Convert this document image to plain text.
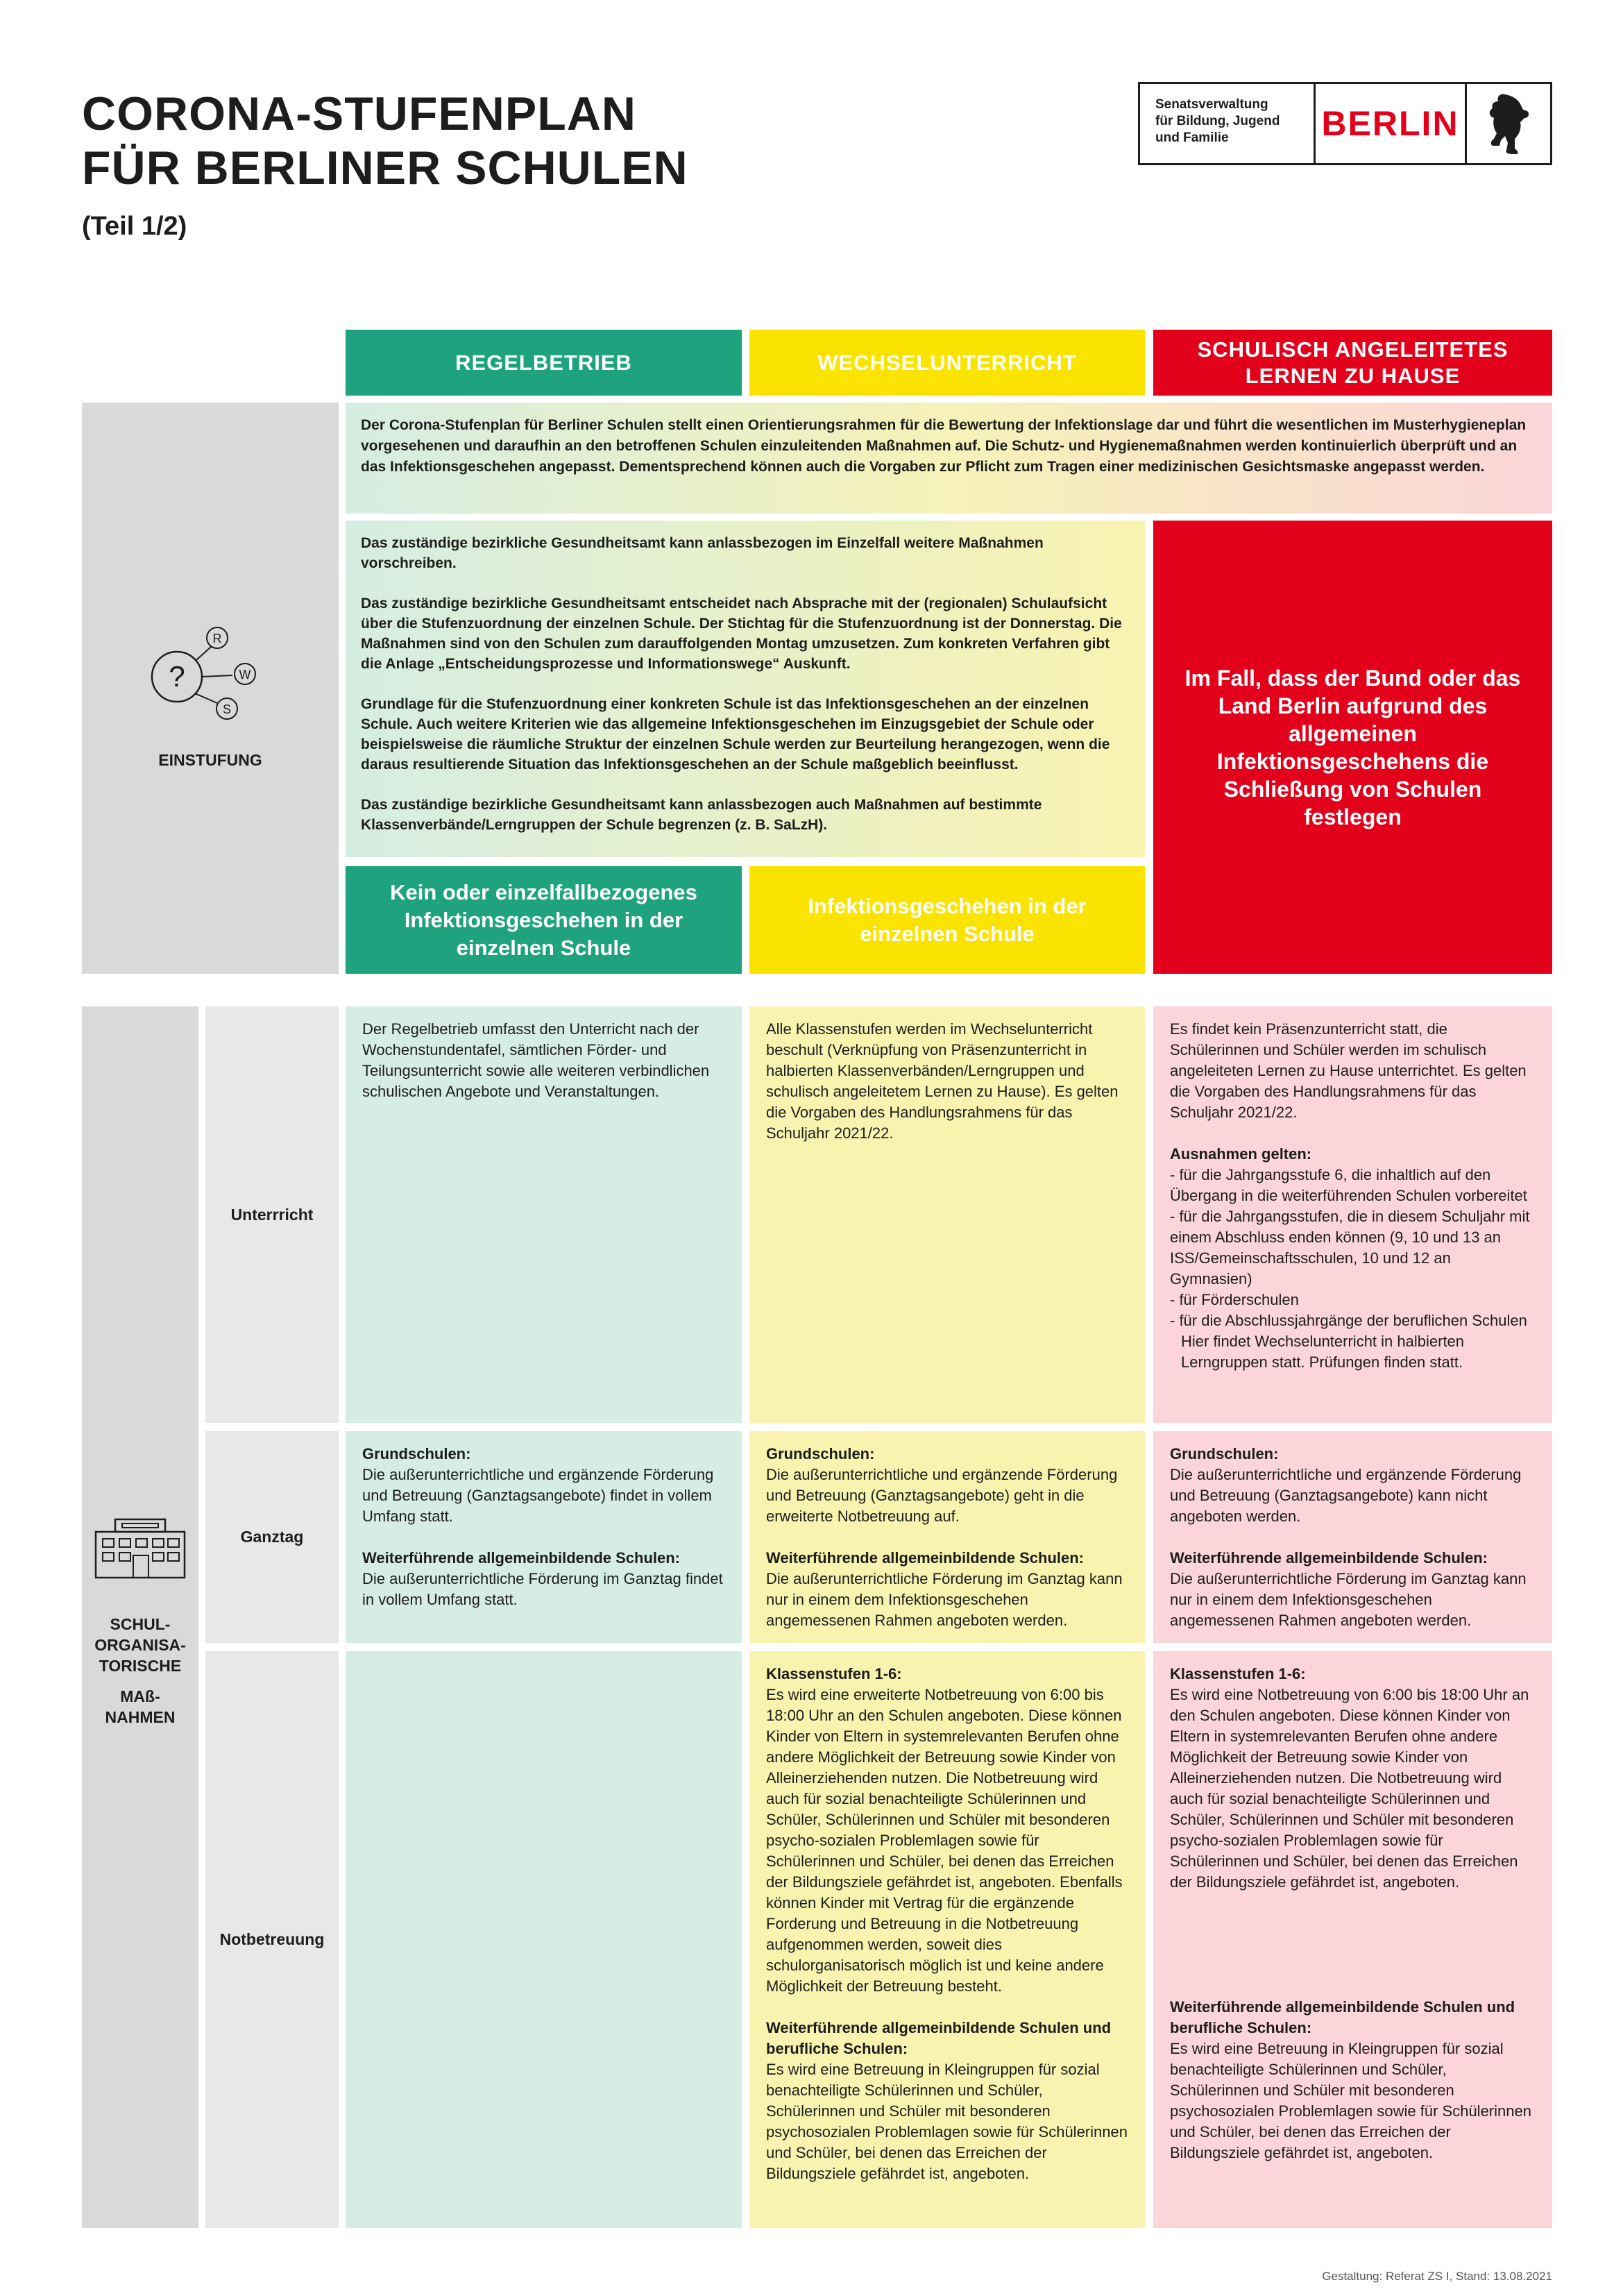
CORONA-STUFENPLAN
FÜR BERLINER SCHULEN
(Teil 1/2)
Senatsverwaltung
für Bildung, Jugend
und Familie	BERLIN
REGELBETRIEB	WECHSELUNTERRICHT
SCHULISCH ANGELEITETES
LERNEN ZU HAUSE
?
R
W
S
EINSTUFUNG
Der Corona-Stufenplan für Berliner Schulen stellt einen Orientierungsrahmen für die Bewertung der Infektionslage dar und führt die wesentlichen im Musterhygieneplan vorgesehenen und daraufhin an den betroffenen Schulen einzuleitenden Maßnahmen auf. Die Schutz- und Hygienemaßnahmen werden kontinuierlich überprüft und an das Infektionsgeschehen angepasst. Dementsprechend können auch die Vorgaben zur Pflicht zum Tragen einer medizinischen Gesichtsmaske angepasst werden.

Das zuständige bezirkliche Gesundheitsamt kann anlassbezogen im Einzelfall weitere Maßnahmen vorschreiben.

Das zuständige bezirkliche Gesundheitsamt entscheidet nach Absprache mit der (regionalen) Schulaufsicht über die Stufenzuordnung der einzelnen Schule. Der Stichtag für die Stufenzuordnung ist der Donnerstag. Die Maßnahmen sind von den Schulen zum darauffolgenden Montag umzusetzen. Zum konkreten Verfahren gibt die Anlage „Entscheidungsprozesse und Informationswege“ Auskunft.

Grundlage für die Stufenzuordnung einer konkreten Schule ist das Infektionsgeschehen an der einzelnen Schule. Auch weitere Kriterien wie das allgemeine Infektionsgeschehen im Einzugsgebiet der Schule oder beispielsweise die räumliche Struktur der einzelnen Schule werden zur Beurteilung herangezogen, wenn die daraus resultierende Situation das Infektionsgeschehen an der Schule maßgeblich beeinflusst.

Das zuständige bezirkliche Gesundheitsamt kann anlassbezogen auch Maßnahmen auf bestimmte Klassenverbände/Lerngruppen der Schule begrenzen (z. B. SaLzH).

Im Fall, dass der Bund oder das Land Berlin aufgrund des allgemeinen Infektionsgeschehens die Schließung von Schulen festlegen
Kein oder einzelfallbezogenes Infektionsgeschehen in der einzelnen Schule
Infektionsgeschehen in der einzelnen Schule
SCHUL-
ORGANISA-
TORISCHE
MAß-
NAHMEN
Unterrricht
Ganztag
Notbetreuung

Der Regelbetrieb umfasst den Unterricht nach der Wochenstundentafel, sämtlichen Förder- und Teilungsunterricht sowie alle weiteren verbindlichen schulischen Angebote und Veranstaltungen.

Alle Klassenstufen werden im Wechselunterricht beschult (Verknüpfung von Präsenzunterricht in halbierten Klassenverbänden/Lerngruppen und schulisch angeleitetem Lernen zu Hause). Es gelten die Vorgaben des Handlungsrahmens für das Schuljahr 2021/22.

Es findet kein Präsenzunterricht statt, die Schülerinnen und Schüler werden im schulisch angeleiteten Lernen zu Hause unterrichtet. Es gelten die Vorgaben des Handlungsrahmens für das Schuljahr 2021/22.

Ausnahmen gelten:
- für die Jahrgangsstufe 6, die inhaltlich auf den Übergang in die weiterführenden Schulen vorbereitet
- für die Jahrgangsstufen, die in diesem Schuljahr mit einem Abschluss enden können (9, 10 und 13 an ISS/Gemeinschaftsschulen, 10 und 12 an Gymnasien)
- für Förderschulen
- für die Abschlussjahrgänge der beruflichen Schulen
Hier findet Wechselunterricht in halbierten Lerngruppen statt. Prüfungen finden statt.

Grundschulen:
Die außerunterrichtliche und ergänzende Förderung und Betreuung (Ganztagsangebote) findet in vollem Umfang statt.

Weiterführende allgemeinbildende Schulen:
Die außerunterrichtliche Förderung im Ganztag findet in vollem Umfang statt.

Grundschulen:
Die außerunterrichtliche und ergänzende Förderung und Betreuung (Ganztagsangebote) geht in die erweiterte Notbetreuung auf.

Weiterführende allgemeinbildende Schulen:
Die außerunterrichtliche Förderung im Ganztag kann nur in einem dem Infektionsgeschehen angemessenen Rahmen angeboten werden.

Grundschulen:
Die außerunterrichtliche und ergänzende Förderung und Betreuung (Ganztagsangebote) kann nicht angeboten werden.

Weiterführende allgemeinbildende Schulen:
Die außerunterrichtliche Förderung im Ganztag kann nur in einem dem Infektionsgeschehen angemessenen Rahmen angeboten werden.

Klassenstufen 1-6:
Es wird eine erweiterte Notbetreuung von 6:00 bis 18:00 Uhr an den Schulen angeboten. Diese können Kinder von Eltern in systemrelevanten Berufen ohne andere Möglichkeit der Betreuung sowie Kinder von Alleinerziehenden nutzen. Die Notbetreuung wird auch für sozial benachteiligte Schülerinnen und Schüler, Schülerinnen und Schüler mit besonderen psycho-sozialen Problemlagen sowie für Schülerinnen und Schüler, bei denen das Erreichen der Bildungsziele gefährdet ist, angeboten. Ebenfalls können Kinder mit Vertrag für die ergänzende Forderung und Betreuung in die Notbetreuung aufgenommen werden, soweit dies schulorganisatorisch möglich ist und keine andere Möglichkeit der Betreuung besteht.

Weiterführende allgemeinbildende Schulen und berufliche Schulen:
Es wird eine Betreuung in Kleingruppen für sozial benachteiligte Schülerinnen und Schüler, Schülerinnen und Schüler mit besonderen psychosozialen Problemlagen sowie für Schülerinnen und Schüler, bei denen das Erreichen der Bildungsziele gefährdet ist, angeboten.

Klassenstufen 1-6:
Es wird eine Notbetreuung von 6:00 bis 18:00 Uhr an den Schulen angeboten. Diese können Kinder von Eltern in systemrelevanten Berufen ohne andere Möglichkeit der Betreuung sowie Kinder von Alleinerziehenden nutzen. Die Notbetreuung wird auch für sozial benachteiligte Schülerinnen und Schüler, Schülerinnen und Schüler mit besonderen psycho-sozialen Problemlagen sowie für Schülerinnen und Schüler, bei denen das Erreichen der Bildungsziele gefährdet ist, angeboten.

Weiterführende allgemeinbildende Schulen und berufliche Schulen:
Es wird eine Betreuung in Kleingruppen für sozial benachteiligte Schülerinnen und Schüler, Schülerinnen und Schüler mit besonderen psychosozialen Problemlagen sowie für Schülerinnen und Schüler, bei denen das Erreichen der Bildungsziele gefährdet ist, angeboten.

Gestaltung: Referat ZS I, Stand: 13.08.2021
